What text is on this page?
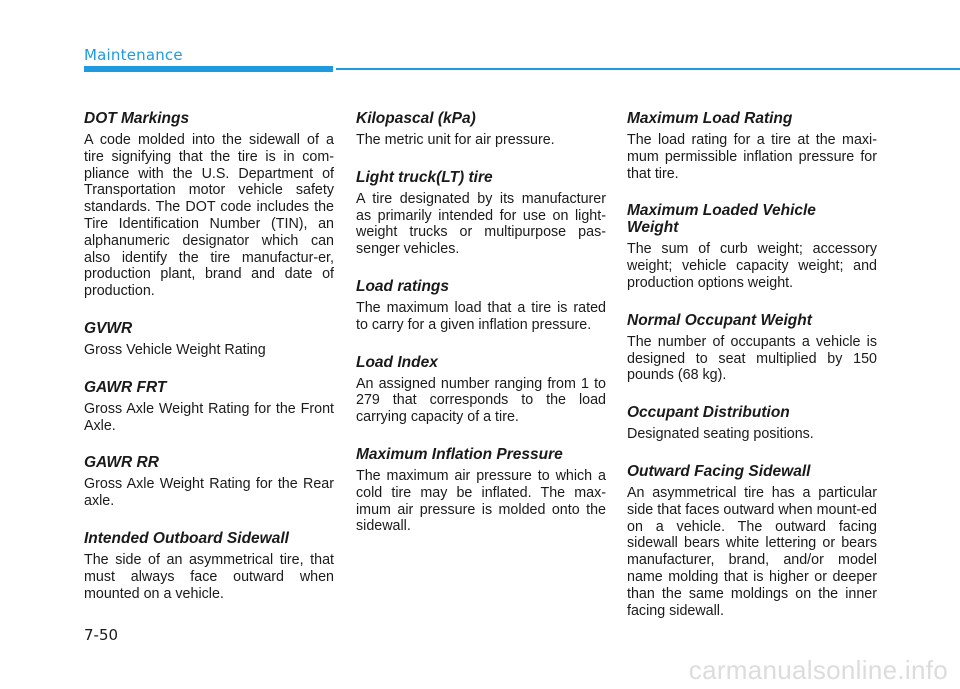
Maintenance
DOT Markings

A code molded into the sidewall of a tire signifying that the tire is in com-pliance with the U.S. Department of Transportation motor vehicle safety standards. The DOT code includes the Tire Identification Number (TIN), an alphanumeric designator which can also identify the tire manufactur-er, production plant, brand and date of production.

GVWR

Gross Vehicle Weight Rating

GAWR FRT

Gross Axle Weight Rating for the Front Axle.

GAWR RR

Gross Axle Weight Rating for the Rear axle.

Intended Outboard Sidewall

The side of an asymmetrical tire, that must always face outward when mounted on a vehicle.

Kilopascal (kPa)

The metric unit for air pressure.

Light truck(LT) tire

A tire designated by its manufacturer as primarily intended for use on light-weight trucks or multipurpose pas-senger vehicles.

Load ratings

The maximum load that a tire is rated to carry for a given inflation pressure.

Load Index

An assigned number ranging from 1 to 279 that corresponds to the load carrying capacity of a tire.

Maximum Inflation Pressure

The maximum air pressure to which a cold tire may be inflated. The max-imum air pressure is molded onto the sidewall.

Maximum Load Rating

The load rating for a tire at the maxi-mum permissible inflation pressure for that tire.

Maximum Loaded Vehicle Weight

The sum of curb weight; accessory weight; vehicle capacity weight; and production options weight.

Normal Occupant Weight

The number of occupants a vehicle is designed to seat multiplied by 150 pounds (68 kg).

Occupant Distribution

Designated seating positions.

Outward Facing Sidewall

An asymmetrical tire has a particular side that faces outward when mount-ed on a vehicle. The outward facing sidewall bears white lettering or bears manufacturer, brand, and/or model name molding that is higher or deeper than the same moldings on the inner facing sidewall.

7-50
carmanualsonline.info
